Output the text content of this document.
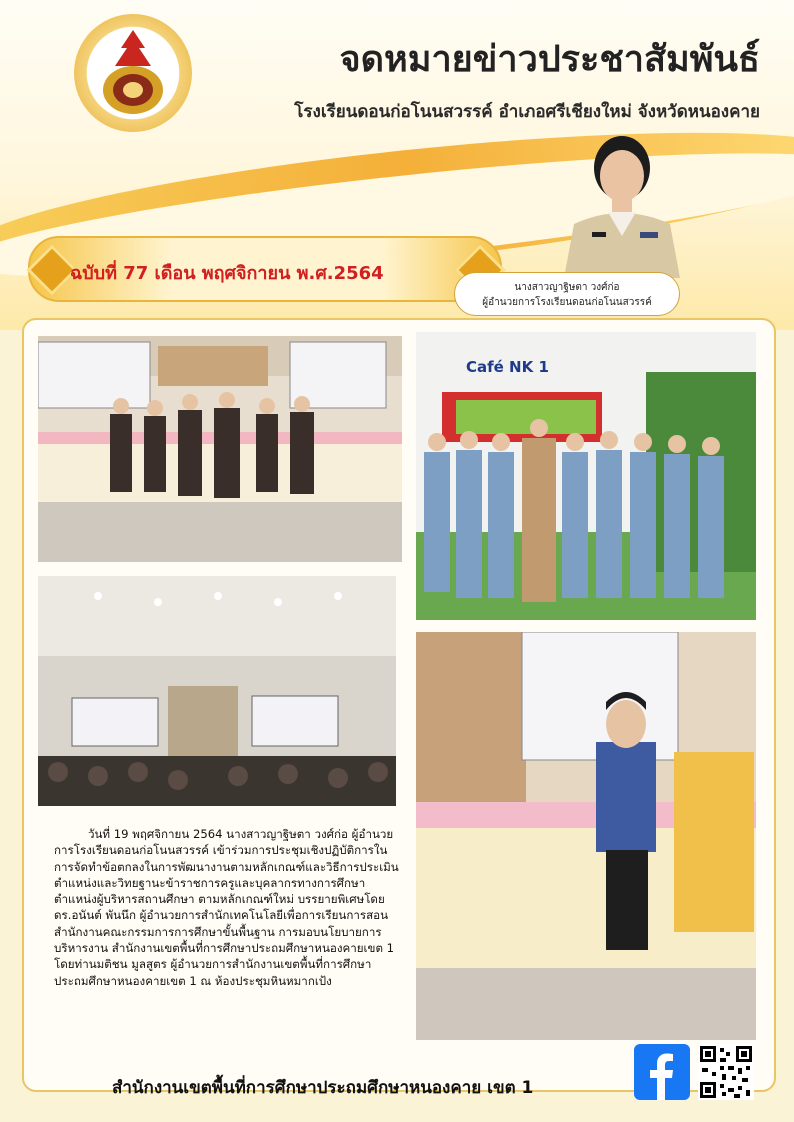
จดหมายข่าวประชาสัมพันธ์

โรงเรียนดอนก่อโนนสวรรค์ อำเภอศรีเชียงใหม่ จังหวัดหนองคาย

ฉบับที่ 77 เดือน พฤศจิกายน พ.ศ.2564
นางสาวญาฐิษตา วงศ์ก่อ
ผู้อำนวยการโรงเรียนดอนก่อโนนสวรรค์
Café NK 1

วันที่ 19 พฤศจิกายน 2564 นางสาวญาฐิษตา วงศ์ก่อ ผู้อำนวยการโรงเรียนดอนก่อโนนสวรรค์ เข้าร่วมการประชุมเชิงปฏิบัติการในการจัดทำข้อตกลงในการพัฒนางานตามหลักเกณฑ์และวิธีการประเมินตำแหน่งและวิทยฐานะข้าราชการครูและบุคลากรทางการศึกษาตำแหน่งผู้บริหารสถานศึกษา ตามหลักเกณฑ์ใหม่ บรรยายพิเศษโดย ดร.อนันต์ พันนึก ผู้อำนวยการสำนักเทคโนโลยีเพื่อการเรียนการสอน สำนักงานคณะกรรมการการศึกษาขั้นพื้นฐาน การมอบนโยบายการบริหารงาน สำนักงานเขตพื้นที่การศึกษาประถมศึกษาหนองคายเขต 1 โดยท่านมติชน มูลสูตร ผู้อำนวยการสำนักงานเขตพื้นที่การศึกษาประถมศึกษาหนองคายเขต 1 ณ ห้องประชุมหินหมากเป้ง

สำนักงานเขตพื้นที่การศึกษาประถมศึกษาหนองคาย เขต 1
